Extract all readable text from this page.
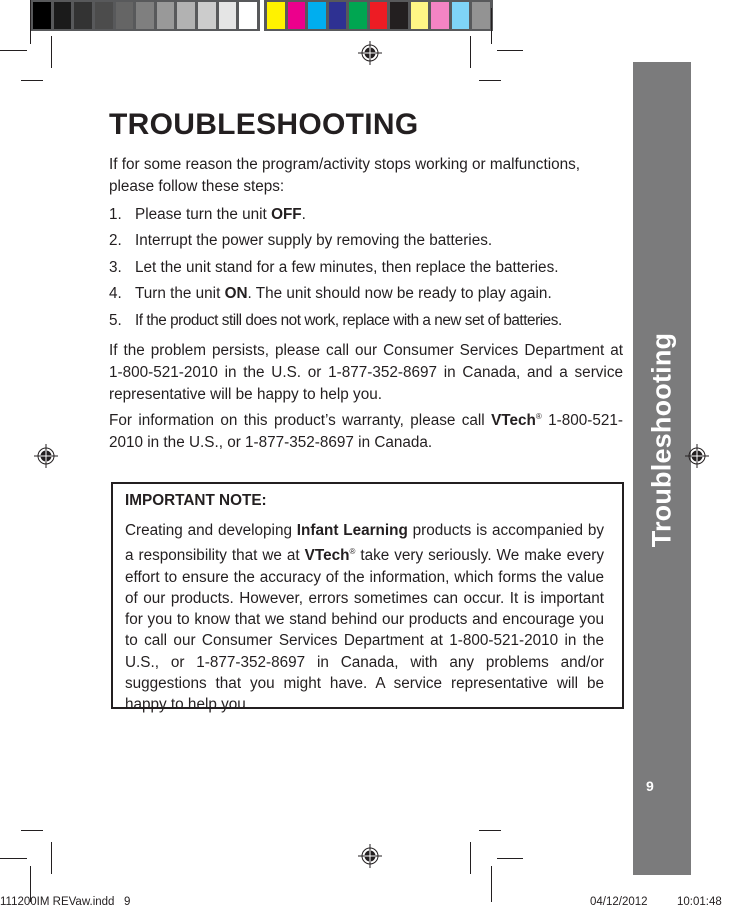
Troubleshooting
9
TROUBLESHOOTING
If for some reason the program/activity stops working or malfunctions, please follow these steps:
1. Please turn the unit OFF.
2. Interrupt the power supply by removing the batteries.
3. Let the unit stand for a few minutes, then replace the batteries.
4. Turn the unit ON. The unit should now be ready to play again.
5. If the product still does not work, replace with a new set of batteries.
If the problem persists, please call our Consumer Services Department at 1-800-521-2010 in the U.S. or 1-877-352-8697 in Canada, and a service representative will be happy to help you.
For information on this product’s warranty, please call VTech® 1-800-521-2010 in the U.S., or 1-877-352-8697 in Canada.
IMPORTANT NOTE:
Creating and developing Infant Learning products is accompanied by a responsibility that we at VTech® take very seriously. We make every effort to ensure the accuracy of the information, which forms the value of our products. However, errors sometimes can occur. It is important for you to know that we stand behind our products and encourage you to call our Consumer Services Department at 1-800-521-2010 in the U.S., or 1-877-352-8697 in Canada, with any problems and/or suggestions that you might have. A service representative will be happy to help you.
111200IM REVaw.indd   9	04/12/2012	10:01:48
